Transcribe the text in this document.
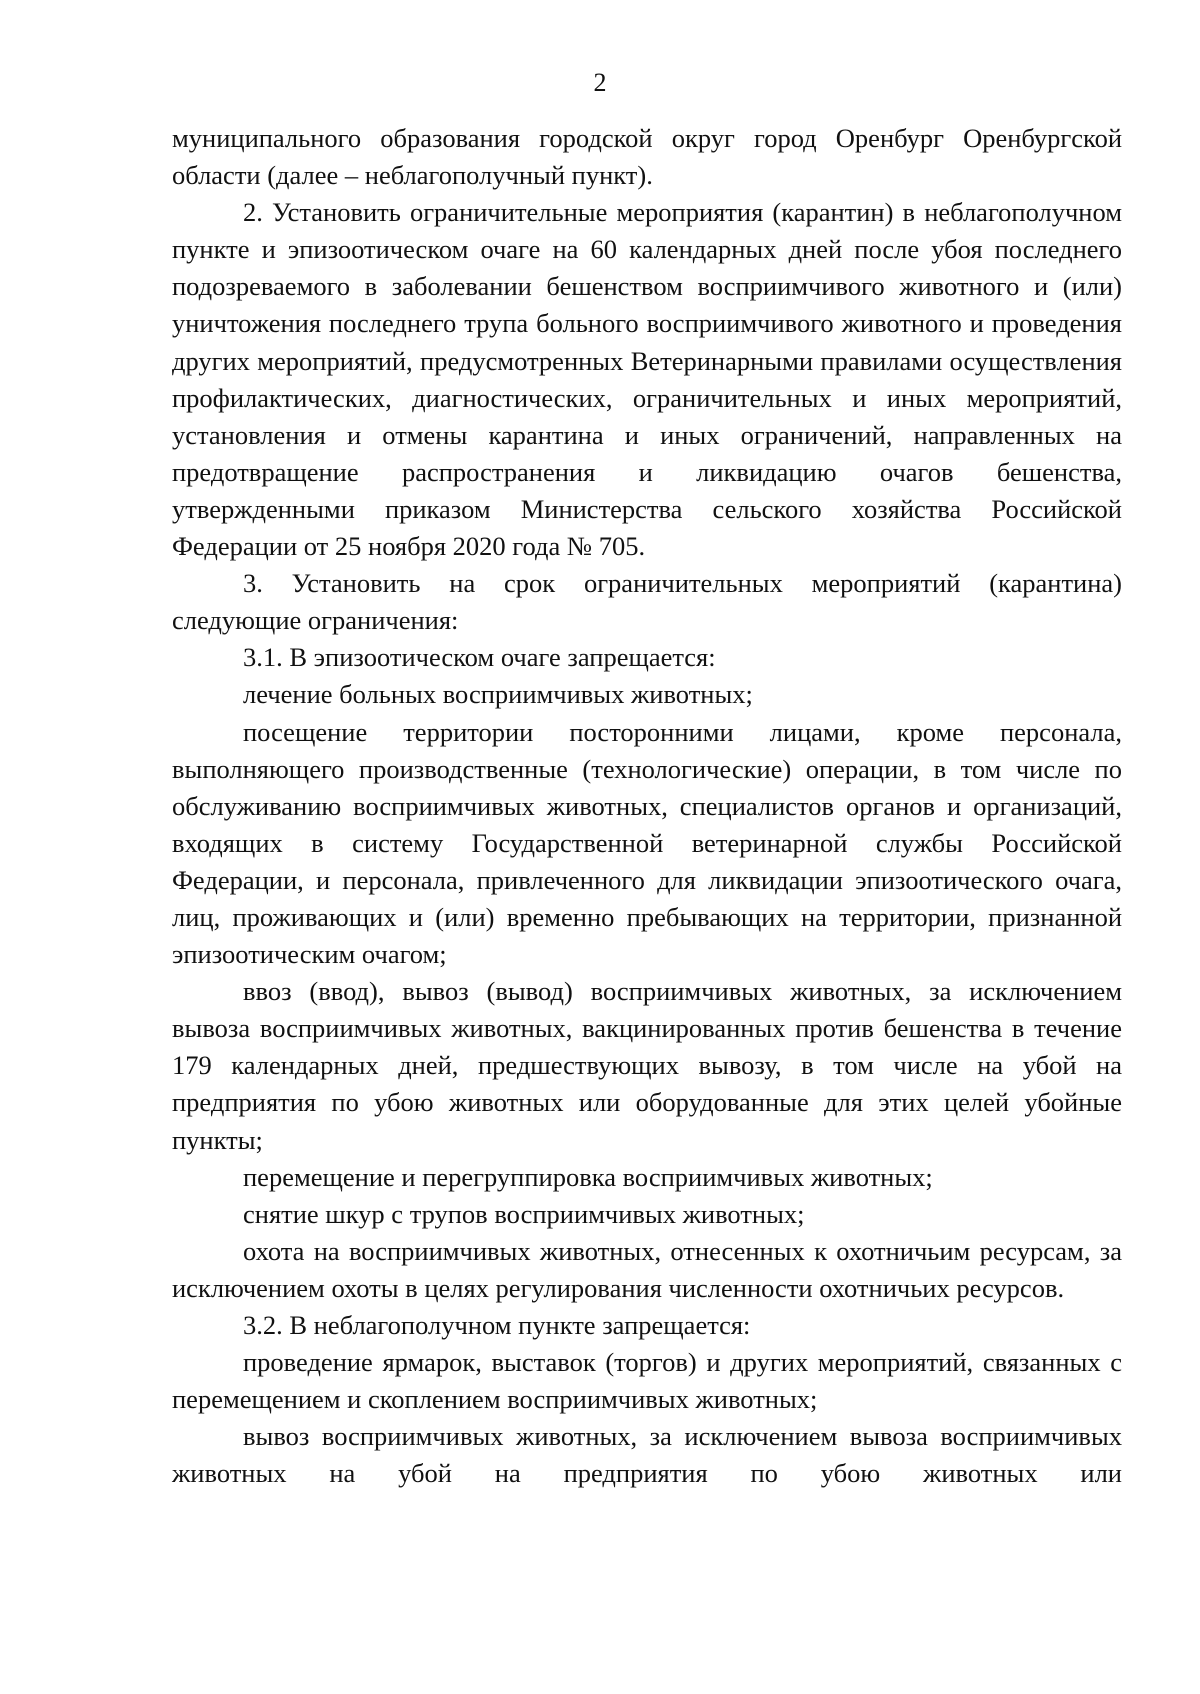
2

муниципального образования городской округ город Оренбург Оренбургской области (далее – неблагополучный пункт).

2. Установить ограничительные мероприятия (карантин) в неблагополучном пункте и эпизоотическом очаге на 60 календарных дней после убоя последнего подозреваемого в заболевании бешенством восприимчивого животного и (или) уничтожения последнего трупа больного восприимчивого животного и проведения других мероприятий, предусмотренных Ветеринарными правилами осуществления профилактических, диагностических, ограничительных и иных мероприятий, установления и отмены карантина и иных ограничений, направленных на предотвращение распространения и ликвидацию очагов бешенства, утвержденными приказом Министерства сельского хозяйства Российской Федерации от 25 ноября 2020 года № 705.

3. Установить на срок ограничительных мероприятий (карантина) следующие ограничения:

3.1. В эпизоотическом очаге запрещается:

лечение больных восприимчивых животных;

посещение территории посторонними лицами, кроме персонала, выполняющего производственные (технологические) операции, в том числе по обслуживанию восприимчивых животных, специалистов органов и организаций, входящих в систему Государственной ветеринарной службы Российской Федерации, и персонала, привлеченного для ликвидации эпизоотического очага, лиц, проживающих и (или) временно пребывающих на территории, признанной эпизоотическим очагом;

ввоз (ввод), вывоз (вывод) восприимчивых животных, за исключением вывоза восприимчивых животных, вакцинированных против бешенства в течение 179 календарных дней, предшествующих вывозу, в том числе на убой на предприятия по убою животных или оборудованные для этих целей убойные пункты;

перемещение и перегруппировка восприимчивых животных;

снятие шкур с трупов восприимчивых животных;

охота на восприимчивых животных, отнесенных к охотничьим ресурсам, за исключением охоты в целях регулирования численности охотничьих ресурсов.

3.2. В неблагополучном пункте запрещается:

проведение ярмарок, выставок (торгов) и других мероприятий, связанных с перемещением и скоплением восприимчивых животных;

вывоз восприимчивых животных, за исключением вывоза восприимчивых животных на убой на предприятия по убою животных или
